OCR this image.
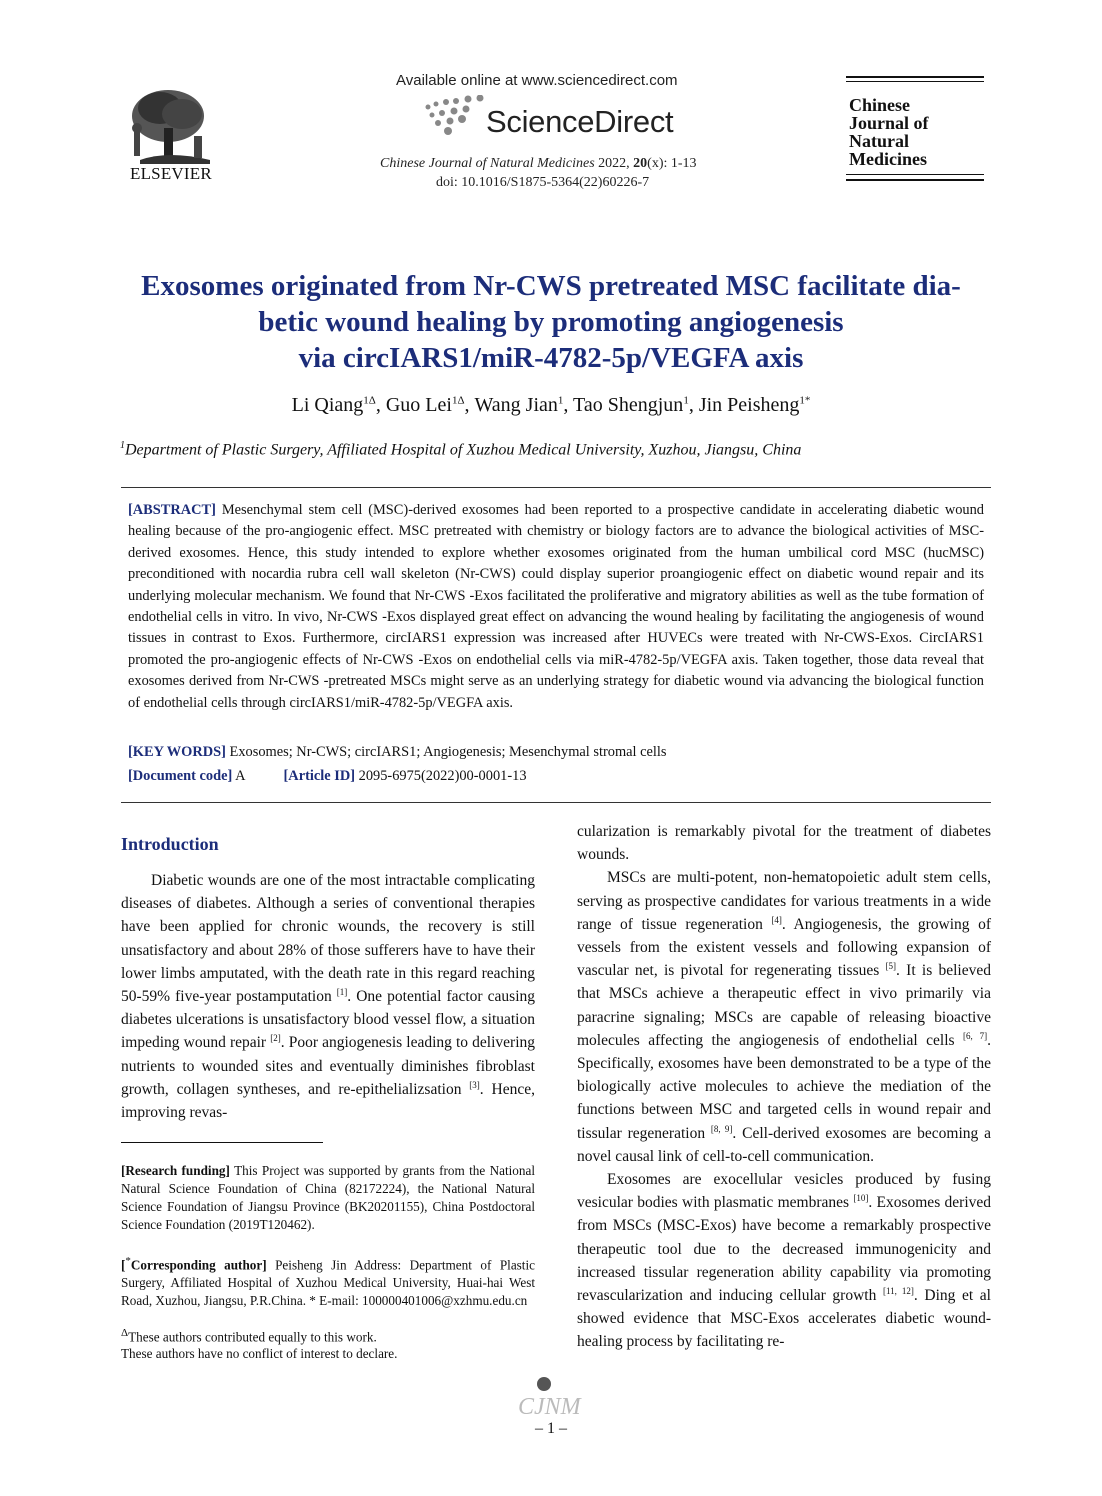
ELSEVIER
Available online at www.sciencedirect.com
ScienceDirect
Chinese Journal of Natural Medicines 2022, 20(x): 1-13
doi: 10.1016/S1875-5364(22)60226-7
Chinese
Journal of
Natural
Medicines
Exosomes originated from Nr-CWS pretreated MSC facilitate dia-
betic wound healing by promoting angiogenesis
via circIARS1/miR-4782-5p/VEGFA axis
Li Qiang$^{1\Delta}$, Guo Lei$^{1\Delta}$, Wang Jian$^1$, Tao Shengjun$^1$, Jin Peisheng$^{1*}$
$^1$Department of Plastic Surgery, Affiliated Hospital of Xuzhou Medical University, Xuzhou, Jiangsu, China
[ABSTRACT] Mesenchymal stem cell (MSC)-derived exosomes had been reported to a prospective candidate in accelerating diabetic wound healing because of the pro-angiogenic effect. MSC pretreated with chemistry or biology factors are to advance the biological activities of MSC-derived exosomes. Hence, this study intended to explore whether exosomes originated from the human umbilical cord MSC (hucMSC) preconditioned with nocardia rubra cell wall skeleton (Nr-CWS) could display superior proangiogenic effect on diabetic wound repair and its underlying molecular mechanism. We found that Nr-CWS -Exos facilitated the proliferative and migratory abilities as well as the tube formation of endothelial cells in vitro. In vivo, Nr-CWS -Exos displayed great effect on advancing the wound healing by facilitating the angiogenesis of wound tissues in contrast to Exos. Furthermore, circIARS1 expression was increased after HUVECs were treated with Nr-CWS-Exos. CircIARS1 promoted the pro-angiogenic effects of Nr-CWS -Exos on endothelial cells via miR-4782-5p/VEGFA axis. Taken together, those data reveal that exosomes derived from Nr-CWS -pretreated MSCs might serve as an underlying strategy for diabetic wound via advancing the biological function of endothelial cells through circIARS1/miR-4782-5p/VEGFA axis.
[KEY WORDS] Exosomes; Nr-CWS; circIARS1; Angiogenesis; Mesenchymal stromal cells
[Document code] A	[Article ID] 2095-6975(2022)00-0001-13
Introduction

Diabetic wounds are one of the most intractable complicating diseases of diabetes. Although a series of conventional therapies have been applied for chronic wounds, the recovery is still unsatisfactory and about 28% of those sufferers have to have their lower limbs amputated, with the death rate in this regard reaching 50-59% five-year postamputation [1]. One potential factor causing diabetes ulcerations is unsatisfactory blood vessel flow, a situation impeding wound repair [2]. Poor angiogenesis leading to delivering nutrients to wounded sites and eventually diminishes fibroblast growth, collagen syntheses, and re-epithelializsation [3]. Hence, improving revas-

[Research funding] This Project was supported by grants from the National Natural Science Foundation of China (82172224), the National Natural Science Foundation of Jiangsu Province (BK20201155), China Postdoctoral Science Foundation (2019T120462).
[*Corresponding author] Peisheng Jin Address: Department of Plastic Surgery, Affiliated Hospital of Xuzhou Medical University, Huai-hai West Road, Xuzhou, Jiangsu, P.R.China. * E-mail: 100000401006@xzhmu.edu.cn
$^\Delta$These authors contributed equally to this work.
These authors have no conflict of interest to declare.

cularization is remarkably pivotal for the treatment of diabetes wounds.

MSCs are multi-potent, non-hematopoietic adult stem cells, serving as prospective candidates for various treatments in a wide range of tissue regeneration [4]. Angiogenesis, the growing of vessels from the existent vessels and following expansion of vascular net, is pivotal for regenerating tissues [5]. It is believed that MSCs achieve a therapeutic effect in vivo primarily via paracrine signaling; MSCs are capable of releasing bioactive molecules affecting the angiogenesis of endothelial cells [6, 7]. Specifically, exosomes have been demonstrated to be a type of the biologically active molecules to achieve the mediation of the functions between MSC and targeted cells in wound repair and tissular regeneration [8, 9]. Cell-derived exosomes are becoming a novel causal link of cell-to-cell communication.

Exosomes are exocellular vesicles produced by fusing vesicular bodies with plasmatic membranes [10]. Exosomes derived from MSCs (MSC-Exos) have become a remarkably prospective therapeutic tool due to the decreased immunogenicity and increased tissular regeneration ability capability via promoting revascularization and inducing cellular growth [11, 12]. Ding et al showed evidence that MSC-Exos accelerates diabetic wound-healing process by facilitating re-

CJNM
– 1 –
